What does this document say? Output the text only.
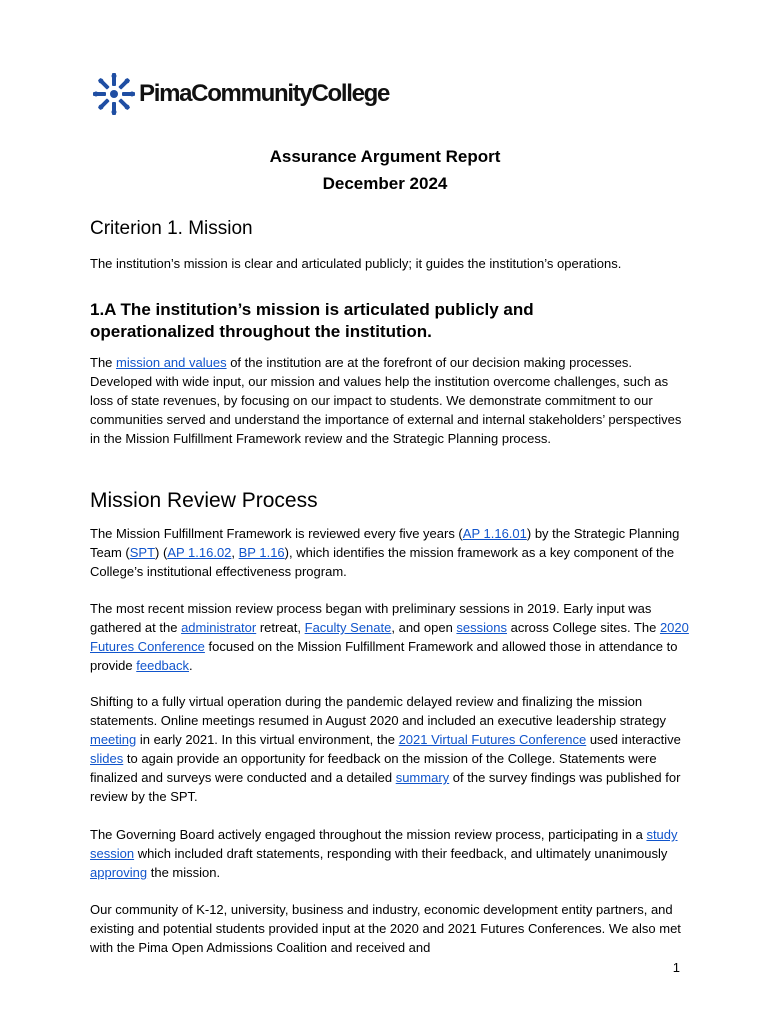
PimaCommunityCollege
Assurance Argument Report
December 2024
Criterion 1. Mission
The institution’s mission is clear and articulated publicly; it guides the institution’s operations.
1.A The institution’s mission is articulated publicly and operationalized throughout the institution.
The mission and values of the institution are at the forefront of our decision making processes. Developed with wide input, our mission and values help the institution overcome challenges, such as loss of state revenues, by focusing on our impact to students. We demonstrate commitment to our communities served and understand the importance of external and internal stakeholders’ perspectives in the Mission Fulfillment Framework review and the Strategic Planning process.
Mission Review Process
The Mission Fulfillment Framework is reviewed every five years (AP 1.16.01) by the Strategic Planning Team (SPT) (AP 1.16.02, BP 1.16), which identifies the mission framework as a key component of the College’s institutional effectiveness program.
The most recent mission review process began with preliminary sessions in 2019. Early input was gathered at the administrator retreat, Faculty Senate, and open sessions across College sites. The 2020 Futures Conference focused on the Mission Fulfillment Framework and allowed those in attendance to provide feedback.
Shifting to a fully virtual operation during the pandemic delayed review and finalizing the mission statements. Online meetings resumed in August 2020 and included an executive leadership strategy meeting in early 2021. In this virtual environment, the 2021 Virtual Futures Conference used interactive slides to again provide an opportunity for feedback on the mission of the College. Statements were finalized and surveys were conducted and a detailed summary of the survey findings was published for review by the SPT.
The Governing Board actively engaged throughout the mission review process, participating in a study session which included draft statements, responding with their feedback, and ultimately unanimously approving the mission.
Our community of K-12, university, business and industry, economic development entity partners, and existing and potential students provided input at the 2020 and 2021 Futures Conferences. We also met with the Pima Open Admissions Coalition and received and
1
